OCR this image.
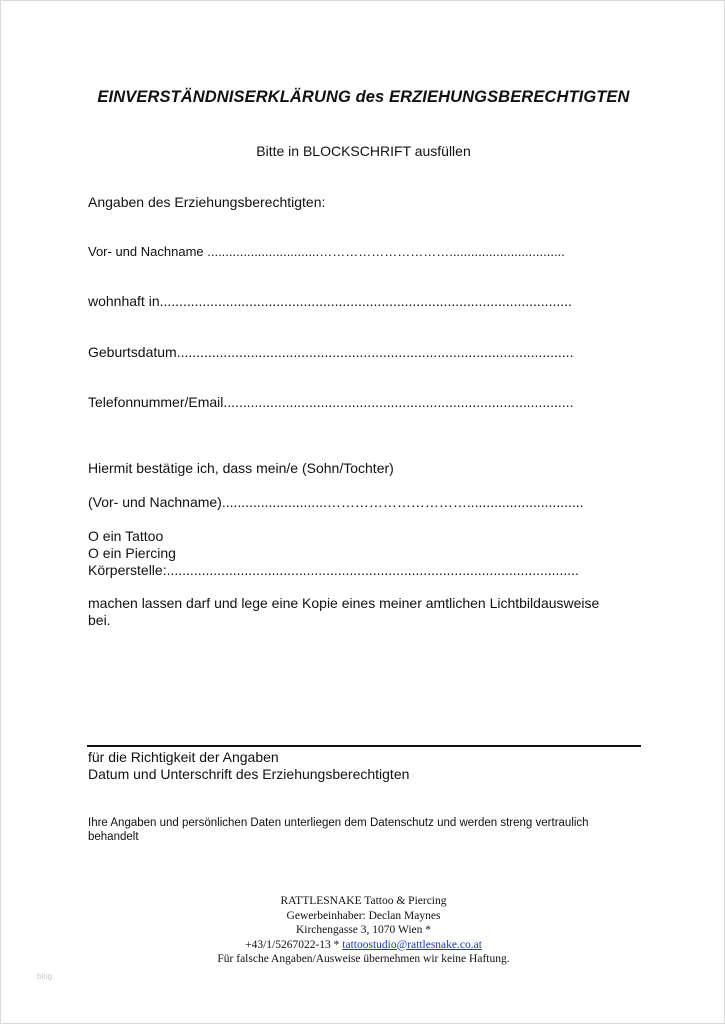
EINVERSTÄNDNISERKLÄRUNG des ERZIEHUNGSBERECHTIGTEN
Bitte in BLOCKSCHRIFT ausfüllen
Angaben des Erziehungsberechtigten:
Vor- und Nachname ...............................…………………………................................
wohnhaft in..........................................................................................................
Geburtsdatum......................................................................................................
Telefonnummer/Email..........................................................................................
Hiermit bestätige ich, dass mein/e (Sohn/Tochter)
(Vor- und Nachname)...........................…………………………..............................
O ein Tattoo
O ein Piercing
Körperstelle:..........................................................................................................
machen lassen darf und lege eine Kopie eines meiner amtlichen Lichtbildausweise
bei.
für die Richtigkeit der Angaben
Datum und Unterschrift des Erziehungsberechtigten
Ihre Angaben und persönlichen Daten unterliegen dem Datenschutz und werden streng vertraulich
behandelt
RATTLESNAKE Tattoo & Piercing
Gewerbeinhaber: Declan Maynes
Kirchengasse 3, 1070 Wien *
+43/1/5267022-13 * tattoostudio@rattlesnake.co.at
Für falsche Angaben/Ausweise übernehmen wir keine Haftung.
blog
